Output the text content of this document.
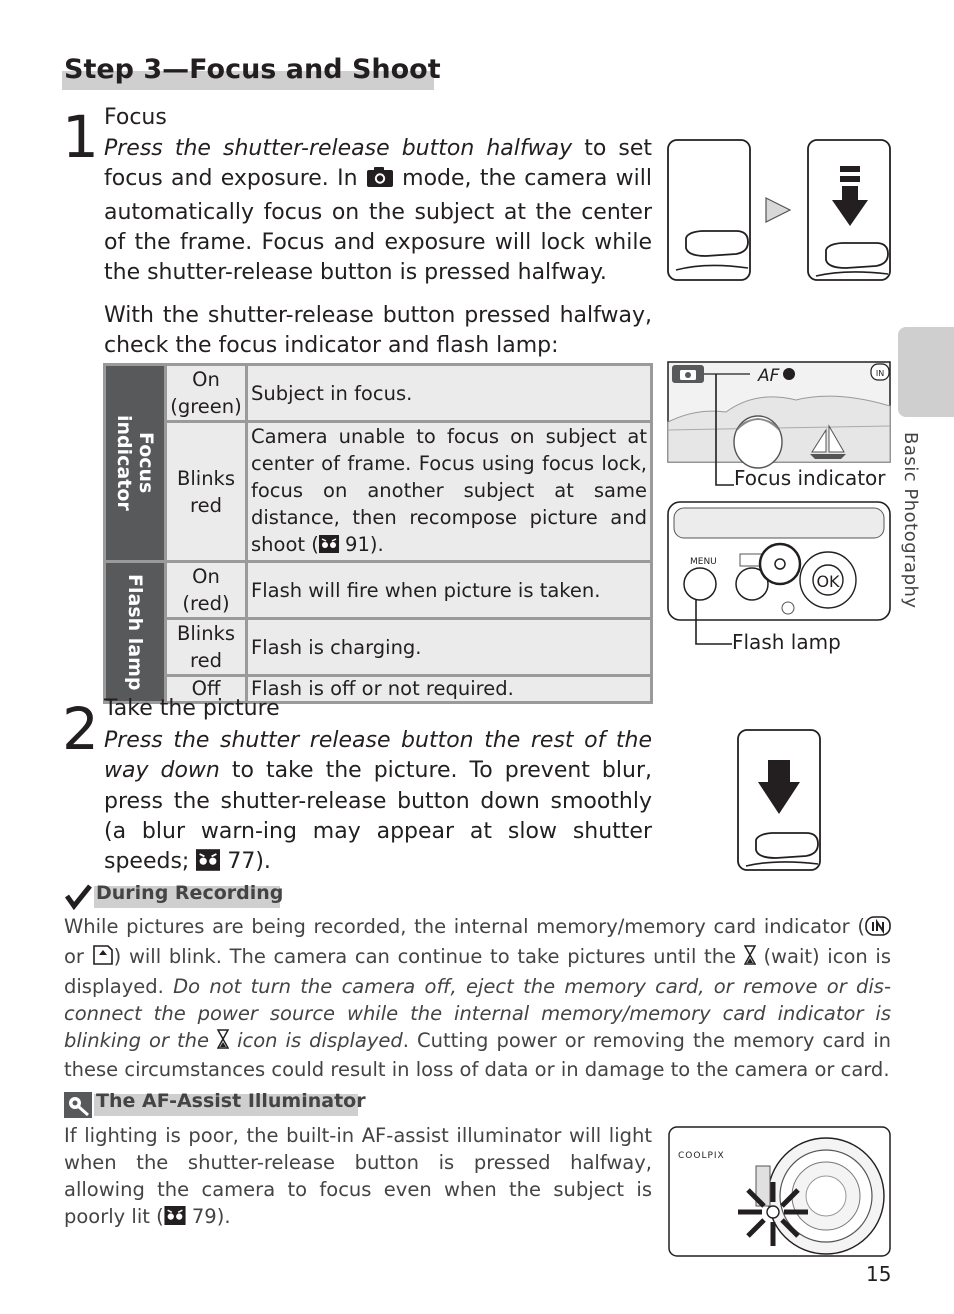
Step 3—Focus and Shoot
Basic Photography
1 Focus
Press the shutter-release button halfway to set focus and exposure. In  mode, the camera will automatically focus on the subject at the center of the frame. Focus and exposure will lock while the shutter-release button is pressed halfway.
With the shutter-release button pressed halfway, check the focus indicator and flash lamp:
Focus indicator	On (green)	Subject in focus.
	Blinks red	Camera unable to focus on subject at center of frame. Focus using focus lock, focus on another subject at same distance, then recompose picture and shoot ( 91).

Flash lamp	On (red)	Flash will fire when picture is taken.
	Blinks red	Flash is charging.
	Off	Flash is off or not required.
AF	IN
Focus indicator
MENU
OK
Flash lamp
2 Take the picture
Press the shutter release button the rest of the way down to take the picture. To prevent blur, press the shutter-release button down smoothly (a blur warn-ing may appear at slow shutter speeds;  77).
During Recording
While pictures are being recorded, the internal memory/memory card indicator ( or ) will blink. The camera can continue to take pictures until the  (wait) icon is displayed. Do not turn the camera off, eject the memory card, or remove or dis-connect the power source while the internal memory/memory card indicator is blinking or the  icon is displayed. Cutting power or removing the memory card in these circumstances could result in loss of data or in damage to the camera or card.
The AF-Assist Illuminator
If lighting is poor, the built-in AF-assist illuminator will light when the shutter-release button is pressed halfway, allowing the camera to focus even when the subject is poorly lit ( 79).
COOLPIX
15
